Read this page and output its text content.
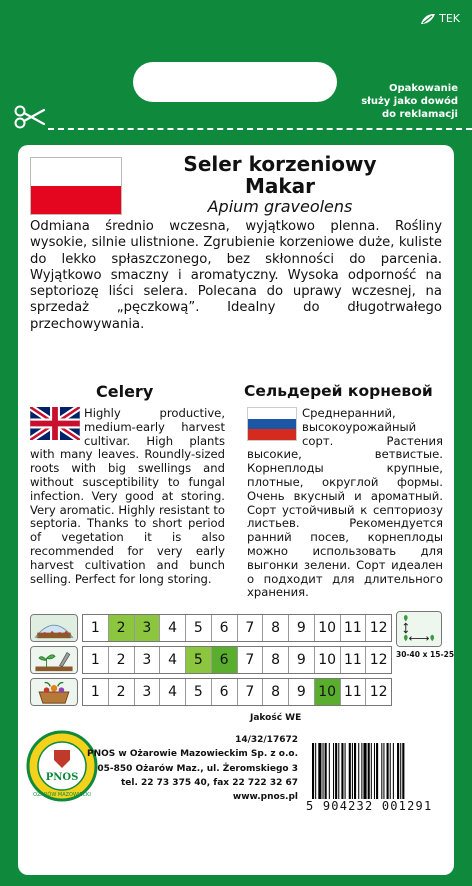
TEK
Opakowanie
służy jako dowód
do reklamacji
Seler korzeniowy
Makar
Apium graveolens
Odmiana średnio wczesna, wyjątkowo plenna. Rośliny wysokie, silnie ulistnione. Zgrubienie korzeniowe duże, kuliste do lekko spłaszczonego, bez skłonności do parcenia. Wyjątkowo smaczny i aromatyczny. Wysoka odporność na septoriozę liści selera. Polecana do uprawy wczesnej, na sprzedaż „pęczkową”. Idealny do długotrwałego przechowywania.
Celery	Сельдерей корневой
Highly productive, medium-early harvest cultivar. High plants with many leaves. Roundly-sized roots with big swellings and without susceptibility to fungal infection. Very good at storing. Very aromatic. Highly resistant to septoria. Thanks to short period of vegetation it is also recommended for very early harvest cultivation and bunch selling. Perfect for long storing.
Среднеранний, высокоурожайный сорт. Растения высокие, ветвистые. Корнеплоды крупные, плотные, округлой формы. Очень вкусный и ароматный. Сорт устойчивый к септориозу листьев. Рекомендуется ранний посев, корнеплоды можно использовать для выгонки зелени. Сорт идеален о подходит для длительного хранения.
1	2	3	4	5	6	7	8	9 10 11 12
1	2	3	4	5	6	7	8	9 10 11 12
1	2	3	4	5	6	7	8	9 10 11 12
30-40 x 15-25
PNOS
OŻARÓW MAZOWIECKI
Jakość WE
14/32/17672
PNOS w Ożarowie Mazowieckim Sp. z o.o.
05-850 Ożarów Maz., ul. Żeromskiego 3
tel. 22 73 375 40, fax 22 722 32 67
www.pnos.pl
5 904232 001291
